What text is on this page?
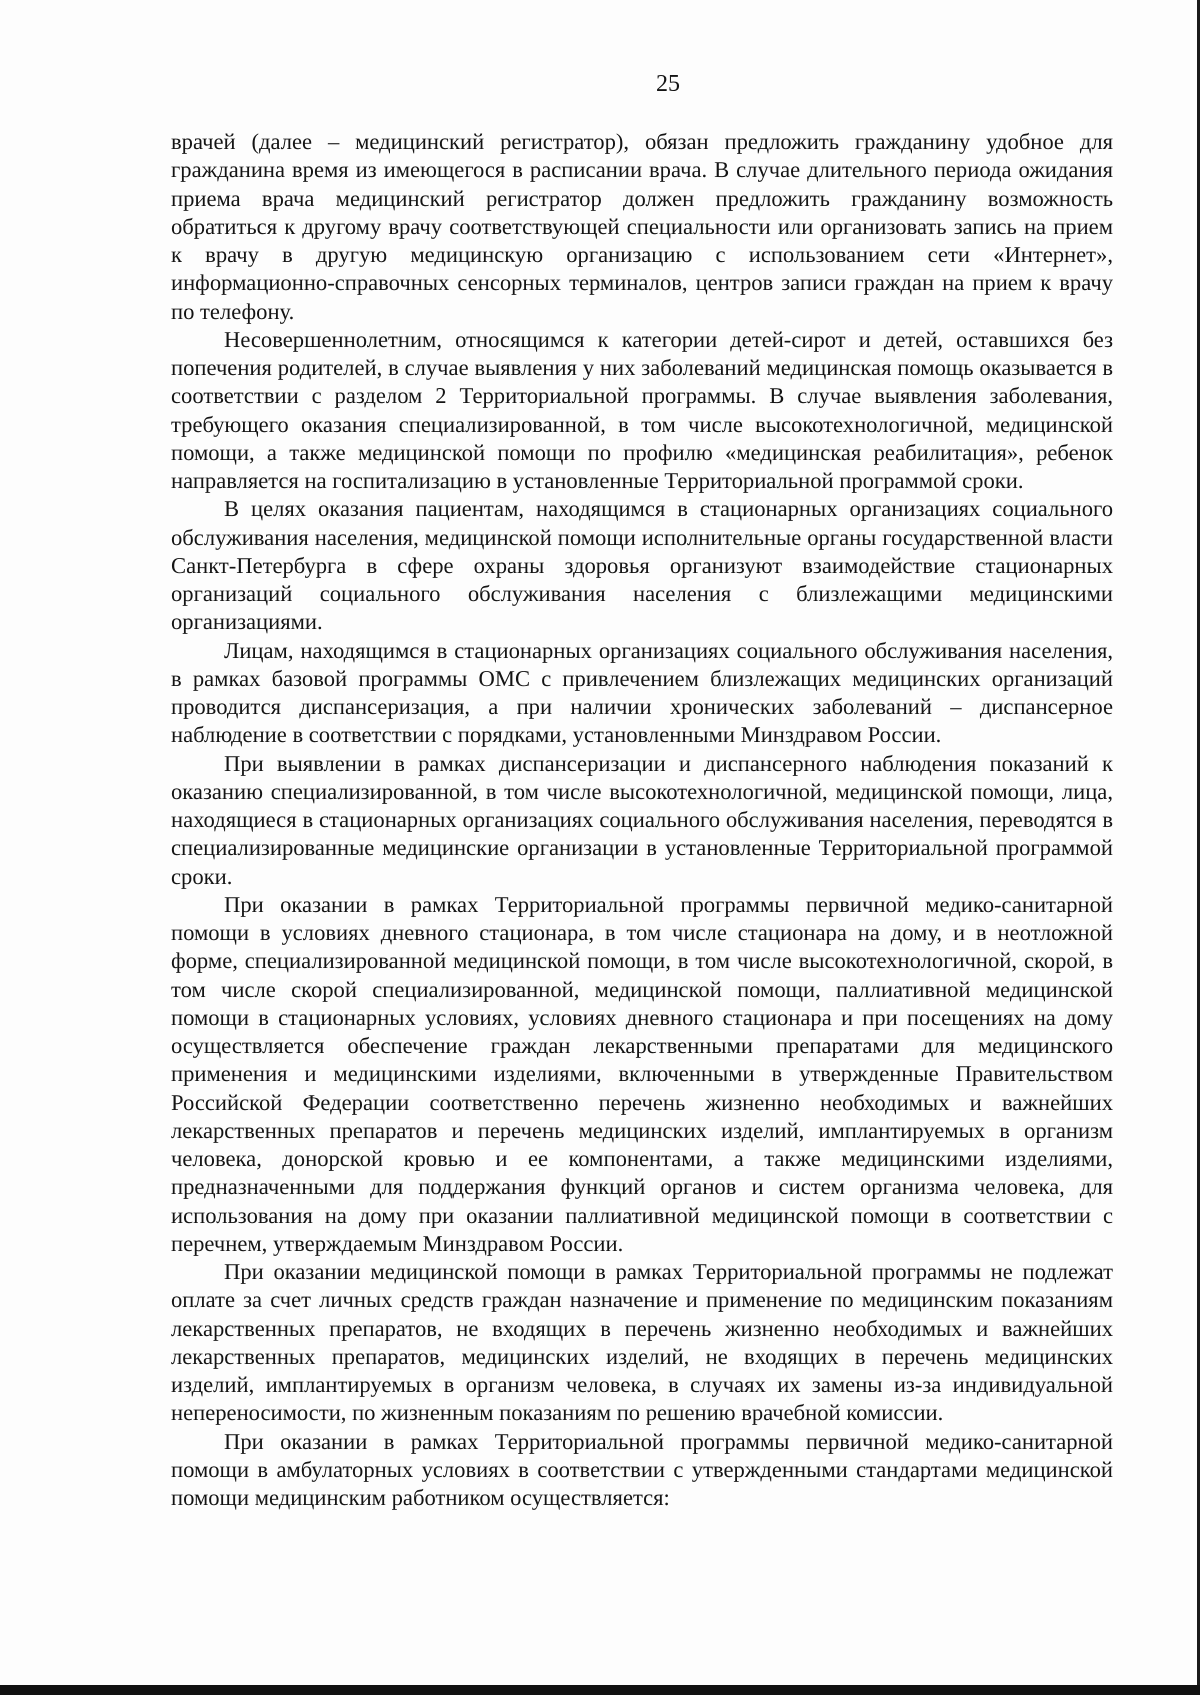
25

врачей (далее – медицинский регистратор), обязан предложить гражданину удобное для гражданина время из имеющегося в расписании врача. В случае длительного периода ожидания приема врача медицинский регистратор должен предложить гражданину возможность обратиться к другому врачу соответствующей специальности или организовать запись на прием к врачу в другую медицинскую организацию с использованием сети «Интернет», информационно-справочных сенсорных терминалов, центров записи граждан на прием к врачу по телефону.

Несовершеннолетним, относящимся к категории детей-сирот и детей, оставшихся без попечения родителей, в случае выявления у них заболеваний медицинская помощь оказывается в соответствии с разделом 2 Территориальной программы. В случае выявления заболевания, требующего оказания специализированной, в том числе высокотехнологичной, медицинской помощи, а также медицинской помощи по профилю «медицинская реабилитация», ребенок направляется на госпитализацию в установленные Территориальной программой сроки.

В целях оказания пациентам, находящимся в стационарных организациях социального обслуживания населения, медицинской помощи исполнительные органы государственной власти Санкт-Петербурга в сфере охраны здоровья организуют взаимодействие стационарных организаций социального обслуживания населения с близлежащими медицинскими организациями.

Лицам, находящимся в стационарных организациях социального обслуживания населения, в рамках базовой программы ОМС с привлечением близлежащих медицинских организаций проводится диспансеризация, а при наличии хронических заболеваний – диспансерное наблюдение в соответствии с порядками, установленными Минздравом России.

При выявлении в рамках диспансеризации и диспансерного наблюдения показаний к оказанию специализированной, в том числе высокотехнологичной, медицинской помощи, лица, находящиеся в стационарных организациях социального обслуживания населения, переводятся в специализированные медицинские организации в установленные Территориальной программой сроки.

При оказании в рамках Территориальной программы первичной медико-санитарной помощи в условиях дневного стационара, в том числе стационара на дому, и в неотложной форме, специализированной медицинской помощи, в том числе высокотехнологичной, скорой, в том числе скорой специализированной, медицинской помощи, паллиативной медицинской помощи в стационарных условиях, условиях дневного стационара и при посещениях на дому осуществляется обеспечение граждан лекарственными препаратами для медицинского применения и медицинскими изделиями, включенными в утвержденные Правительством Российской Федерации соответственно перечень жизненно необходимых и важнейших лекарственных препаратов и перечень медицинских изделий, имплантируемых в организм человека, донорской кровью и ее компонентами, а также медицинскими изделиями, предназначенными для поддержания функций органов и систем организма человека, для использования на дому при оказании паллиативной медицинской помощи в соответствии с перечнем, утверждаемым Минздравом России.

При оказании медицинской помощи в рамках Территориальной программы не подлежат оплате за счет личных средств граждан назначение и применение по медицинским показаниям лекарственных препаратов, не входящих в перечень жизненно необходимых и важнейших лекарственных препаратов, медицинских изделий, не входящих в перечень медицинских изделий, имплантируемых в организм человека, в случаях их замены из-за индивидуальной непереносимости, по жизненным показаниям по решению врачебной комиссии.

При оказании в рамках Территориальной программы первичной медико-санитарной помощи в амбулаторных условиях в соответствии с утвержденными стандартами медицинской помощи медицинским работником осуществляется:
